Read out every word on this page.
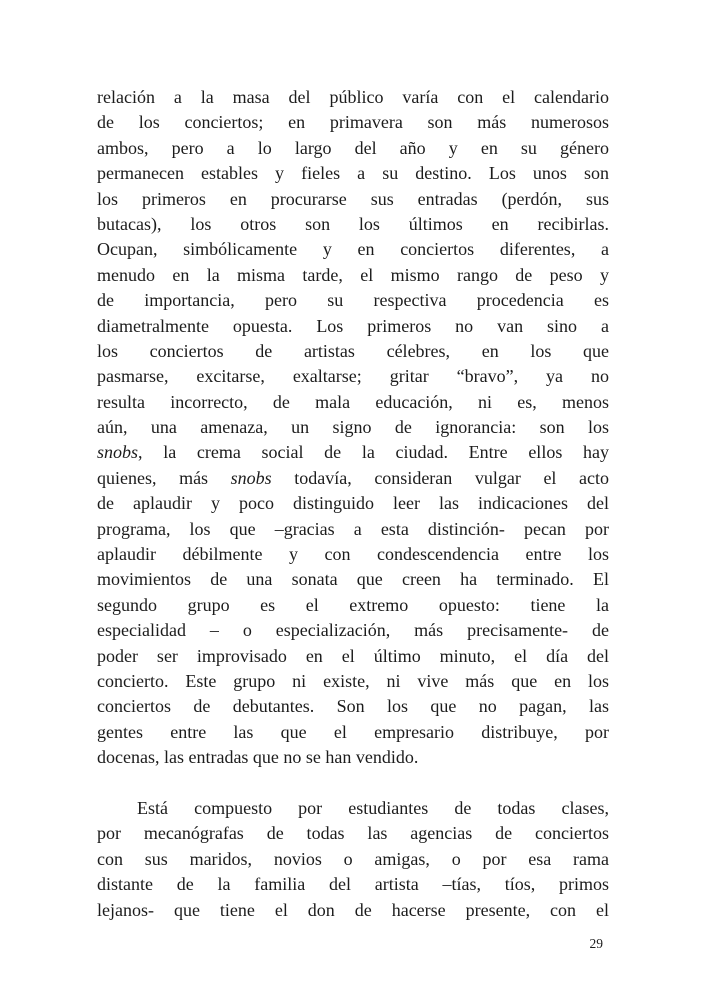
relación a la masa del público varía con el calendario
de los conciertos; en primavera son más numerosos
ambos, pero a lo largo del año y en su género
permanecen estables y fieles a su destino. Los unos son
los primeros en procurarse sus entradas (perdón, sus
butacas), los otros son los últimos en recibirlas.
Ocupan, simbólicamente y en conciertos diferentes, a
menudo en la misma tarde, el mismo rango de peso y
de importancia, pero su respectiva procedencia es
diametralmente opuesta. Los primeros no van sino a
los conciertos de artistas célebres, en los que
pasmarse, excitarse, exaltarse; gritar “bravo”, ya no
resulta incorrecto, de mala educación, ni es, menos
aún, una amenaza, un signo de ignorancia: son los
snobs, la crema social de la ciudad. Entre ellos hay
quienes, más snobs todavía, consideran vulgar el acto
de aplaudir y poco distinguido leer las indicaciones del
programa, los que –gracias a esta distinción- pecan por
aplaudir débilmente y con condescendencia entre los
movimientos de una sonata que creen ha terminado. El
segundo grupo es el extremo opuesto: tiene la
especialidad – o especialización, más precisamente- de
poder ser improvisado en el último minuto, el día del
concierto. Este grupo ni existe, ni vive más que en los
conciertos de debutantes. Son los que no pagan, las
gentes entre las que el empresario distribuye, por
docenas, las entradas que no se han vendido.

Está compuesto por estudiantes de todas clases,
por mecanógrafas de todas las agencias de conciertos
con sus maridos, novios o amigas, o por esa rama
distante de la familia del artista –tías, tíos, primos
lejanos- que tiene el don de hacerse presente, con el

29
